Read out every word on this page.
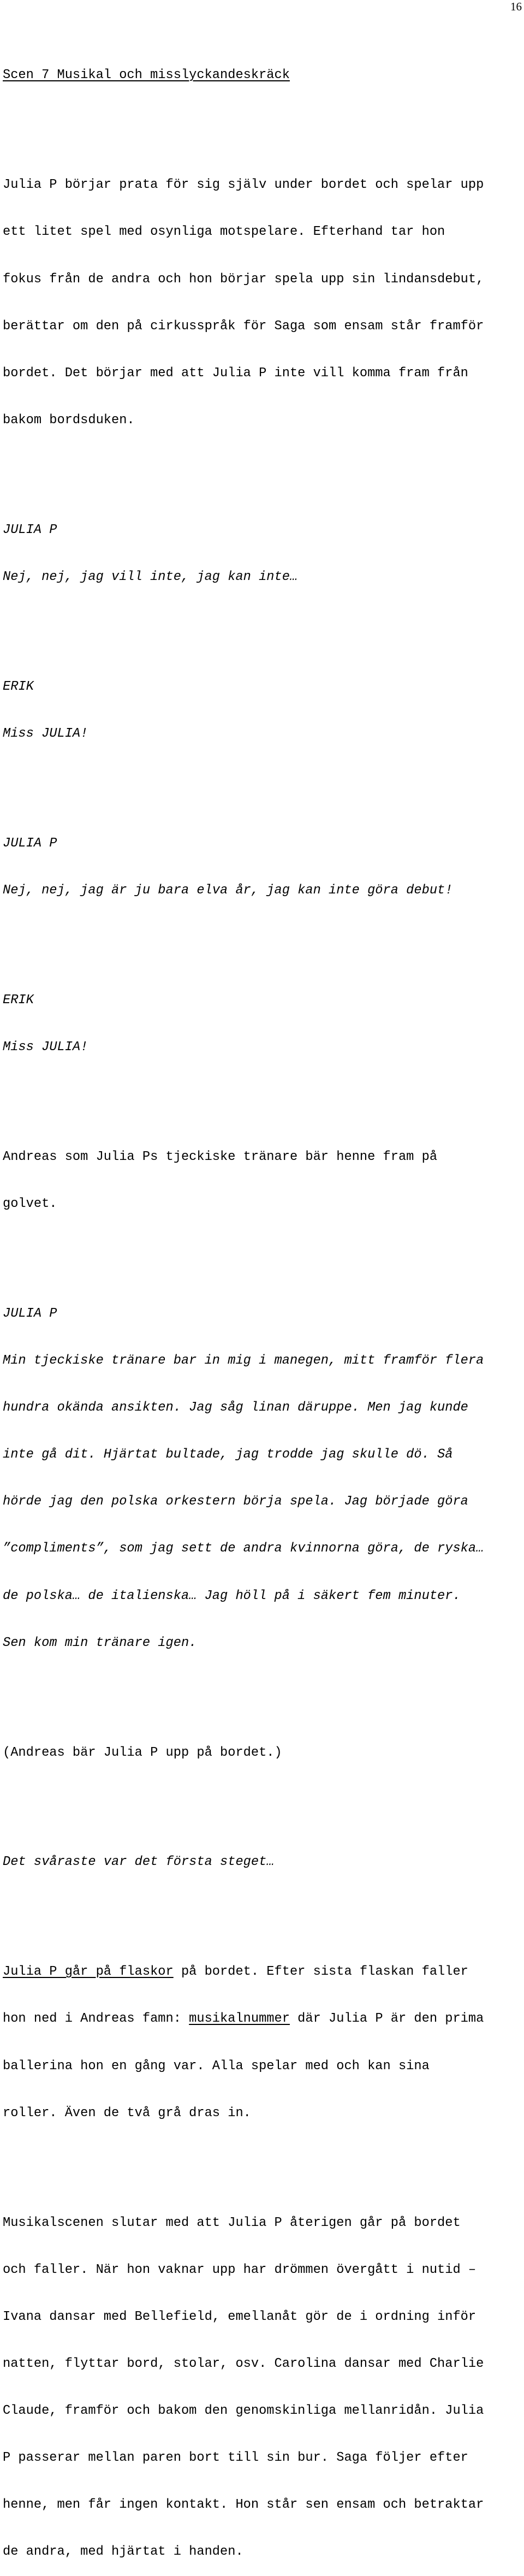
16

Scen 7 Musikal och misslyckandeskräck

Julia P börjar prata för sig själv under bordet och spelar upp

ett litet spel med osynliga motspelare. Efterhand tar hon

fokus från de andra och hon börjar spela upp sin lindansdebut,

berättar om den på cirkusspråk för Saga som ensam står framför

bordet. Det börjar med att Julia P inte vill komma fram från

bakom bordsduken.

JULIA P

Nej, nej, jag vill inte, jag kan inte…

ERIK

Miss JULIA!

JULIA P

Nej, nej, jag är ju bara elva år, jag kan inte göra debut!

ERIK

Miss JULIA!

Andreas som Julia Ps tjeckiske tränare bär henne fram på

golvet.

JULIA P

Min tjeckiske tränare bar in mig i manegen, mitt framför flera

hundra okända ansikten. Jag såg linan däruppe. Men jag kunde

inte gå dit. Hjärtat bultade, jag trodde jag skulle dö. Så

hörde jag den polska orkestern börja spela. Jag började göra

”compliments”, som jag sett de andra kvinnorna göra, de ryska…

de polska… de italienska… Jag höll på i säkert fem minuter.

Sen kom min tränare igen.

(Andreas bär Julia P upp på bordet.)

Det svåraste var det första steget…

Julia P går på flaskor på bordet. Efter sista flaskan faller

hon ned i Andreas famn: musikalnummer där Julia P är den prima

ballerina hon en gång var. Alla spelar med och kan sina

roller. Även de två grå dras in.

Musikalscenen slutar med att Julia P återigen går på bordet

och faller. När hon vaknar upp har drömmen övergått i nutid –

Ivana dansar med Bellefield, emellanåt gör de i ordning inför

natten, flyttar bord, stolar, osv. Carolina dansar med Charlie

Claude, framför och bakom den genomskinliga mellanridån. Julia

P passerar mellan paren bort till sin bur. Saga följer efter

henne, men får ingen kontakt. Hon står sen ensam och betraktar

de andra, med hjärtat i handen.
